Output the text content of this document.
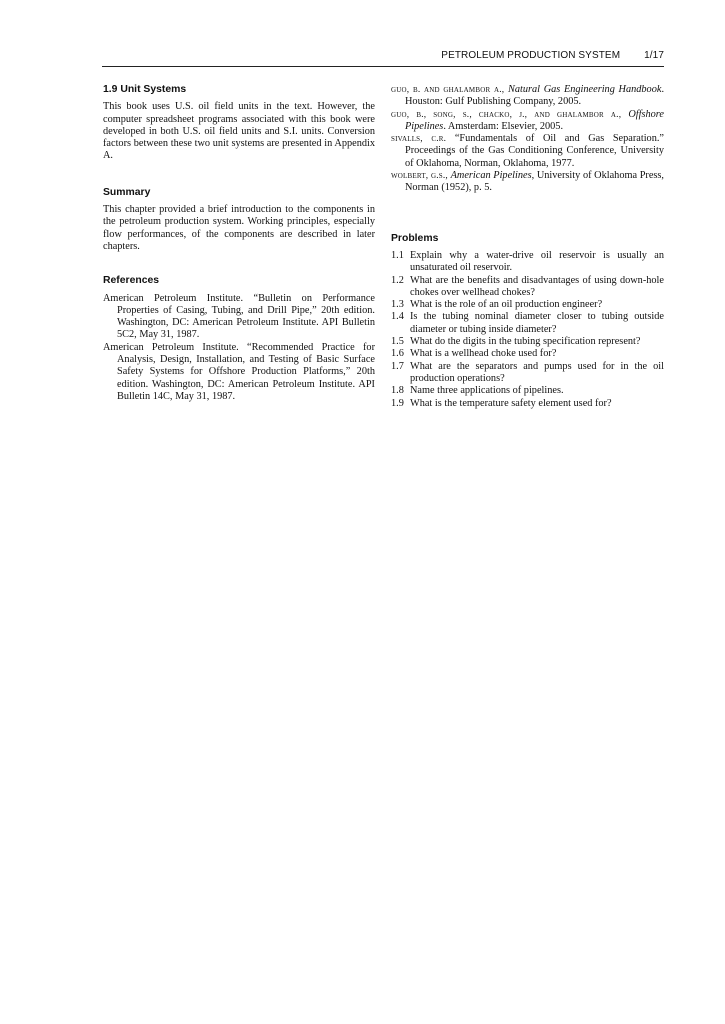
PETROLEUM PRODUCTION SYSTEM 1/17
1.9 Unit Systems

This book uses U.S. oil field units in the text. However, the computer spreadsheet programs associated with this book were developed in both U.S. oil field units and S.I. units. Conversion factors between these two unit systems are presented in Appendix A.

Summary

This chapter provided a brief introduction to the components in the petroleum production system. Working principles, especially flow performances, of the components are described in later chapters.

References

American Petroleum Institute. “Bulletin on Performance Properties of Casing, Tubing, and Drill Pipe,” 20th edition. Washington, DC: American Petroleum Institute. API Bulletin 5C2, May 31, 1987.

American Petroleum Institute. “Recommended Practice for Analysis, Design, Installation, and Testing of Basic Surface Safety Systems for Offshore Production Platforms,” 20th edition. Washington, DC: American Petroleum Institute. API Bulletin 14C, May 31, 1987.

guo, b. and ghalambor a., Natural Gas Engineering Handbook. Houston: Gulf Publishing Company, 2005.

guo, b., song, s., chacko, j., and ghalambor a., Offshore Pipelines. Amsterdam: Elsevier, 2005.

sivalls, c.r. “Fundamentals of Oil and Gas Separation.” Proceedings of the Gas Conditioning Conference, University of Oklahoma, Norman, Oklahoma, 1977.

wolbert, g.s., American Pipelines, University of Oklahoma Press, Norman (1952), p. 5.

Problems
1.1 Explain why a water-drive oil reservoir is usually an unsaturated oil reservoir.
1.2 What are the benefits and disadvantages of using down-hole chokes over wellhead chokes?
1.3 What is the role of an oil production engineer?
1.4 Is the tubing nominal diameter closer to tubing outside diameter or tubing inside diameter?
1.5 What do the digits in the tubing specification represent?
1.6 What is a wellhead choke used for?
1.7 What are the separators and pumps used for in the oil production operations?
1.8 Name three applications of pipelines.
1.9 What is the temperature safety element used for?
